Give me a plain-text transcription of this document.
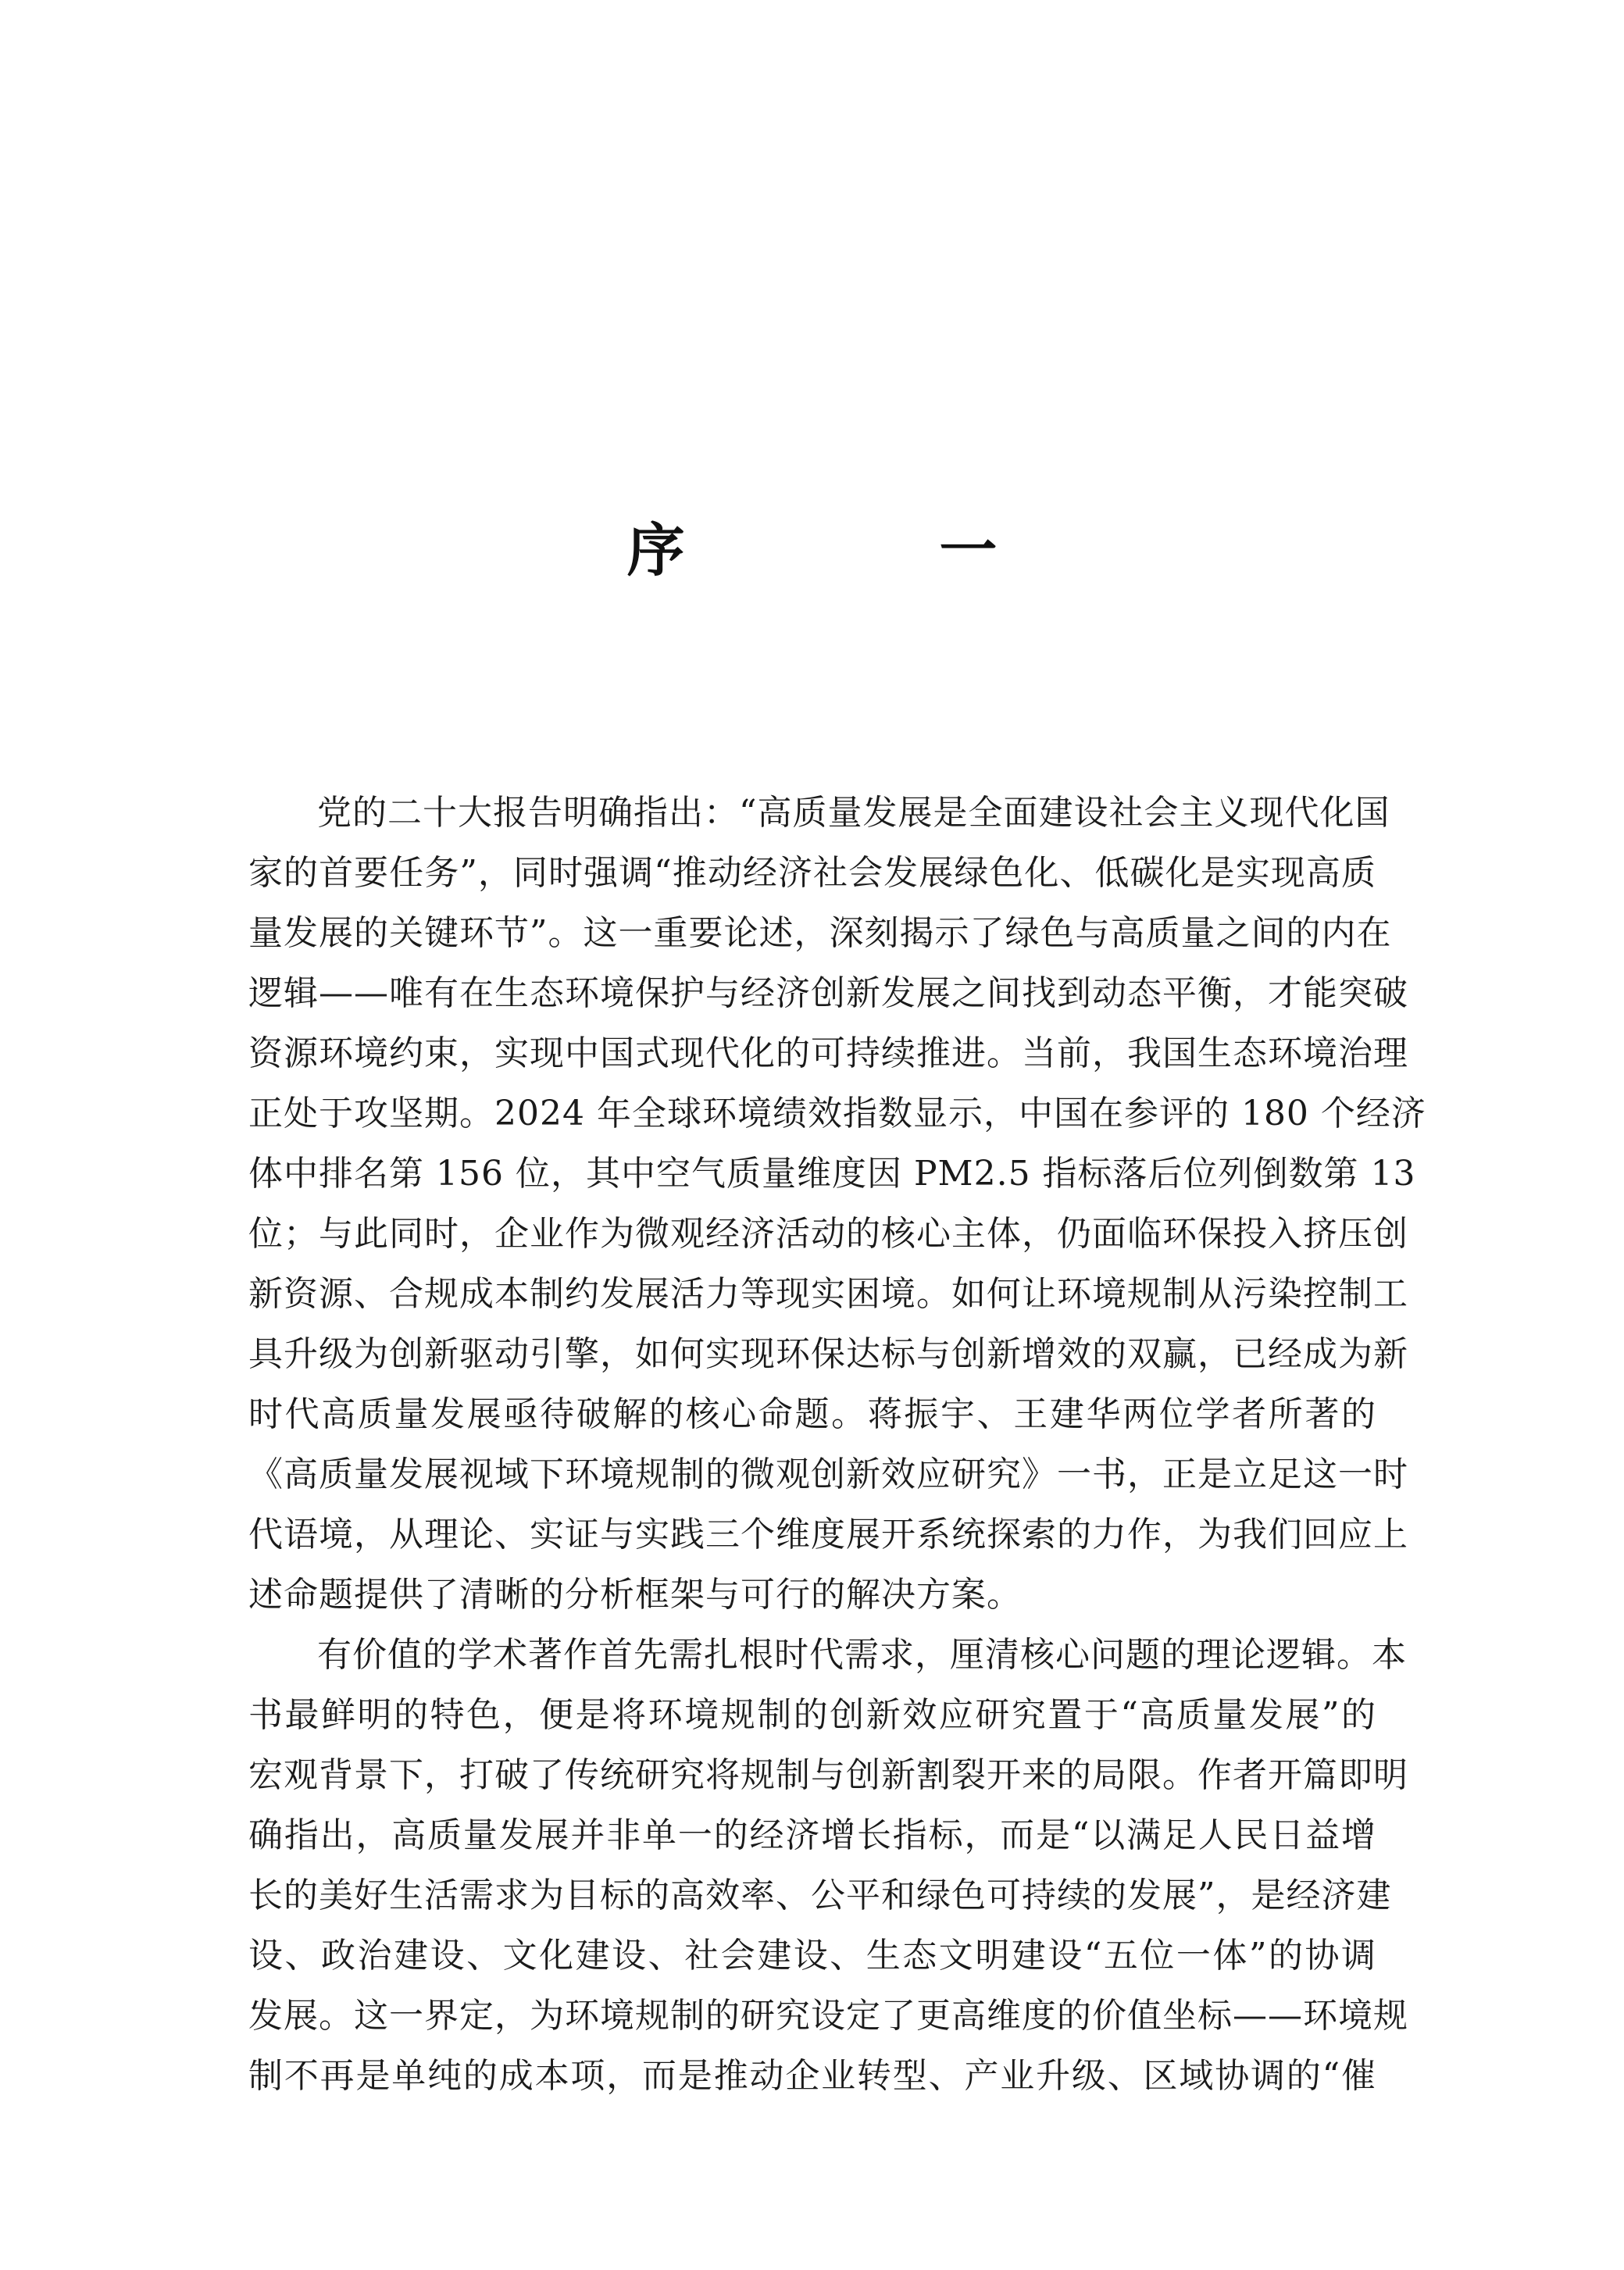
序 一
党的二十大报告明确指出：“高质量发展是全面建设社会主义现代化国
家的首要任务”，同时强调“推动经济社会发展绿色化、低碳化是实现高质
量发展的关键环节”。这一重要论述，深刻揭示了绿色与高质量之间的内在
逻辑——唯有在生态环境保护与经济创新发展之间找到动态平衡，才能突破
资源环境约束，实现中国式现代化的可持续推进。当前，我国生态环境治理
正处于攻坚期。2024 年全球环境绩效指数显示，中国在参评的 180 个经济
体中排名第 156 位，其中空气质量维度因 PM2.5 指标落后位列倒数第 13
位；与此同时，企业作为微观经济活动的核心主体，仍面临环保投入挤压创
新资源、合规成本制约发展活力等现实困境。如何让环境规制从污染控制工
具升级为创新驱动引擎，如何实现环保达标与创新增效的双赢，已经成为新
时代高质量发展亟待破解的核心命题。蒋振宇、王建华两位学者所著的
《高质量发展视域下环境规制的微观创新效应研究》一书，正是立足这一时
代语境，从理论、实证与实践三个维度展开系统探索的力作，为我们回应上
述命题提供了清晰的分析框架与可行的解决方案。
有价值的学术著作首先需扎根时代需求，厘清核心问题的理论逻辑。本
书最鲜明的特色，便是将环境规制的创新效应研究置于“高质量发展”的
宏观背景下，打破了传统研究将规制与创新割裂开来的局限。作者开篇即明
确指出，高质量发展并非单一的经济增长指标，而是“以满足人民日益增
长的美好生活需求为目标的高效率、公平和绿色可持续的发展”，是经济建
设、政治建设、文化建设、社会建设、生态文明建设“五位一体”的协调
发展。这一界定，为环境规制的研究设定了更高维度的价值坐标——环境规
制不再是单纯的成本项，而是推动企业转型、产业升级、区域协调的“催
